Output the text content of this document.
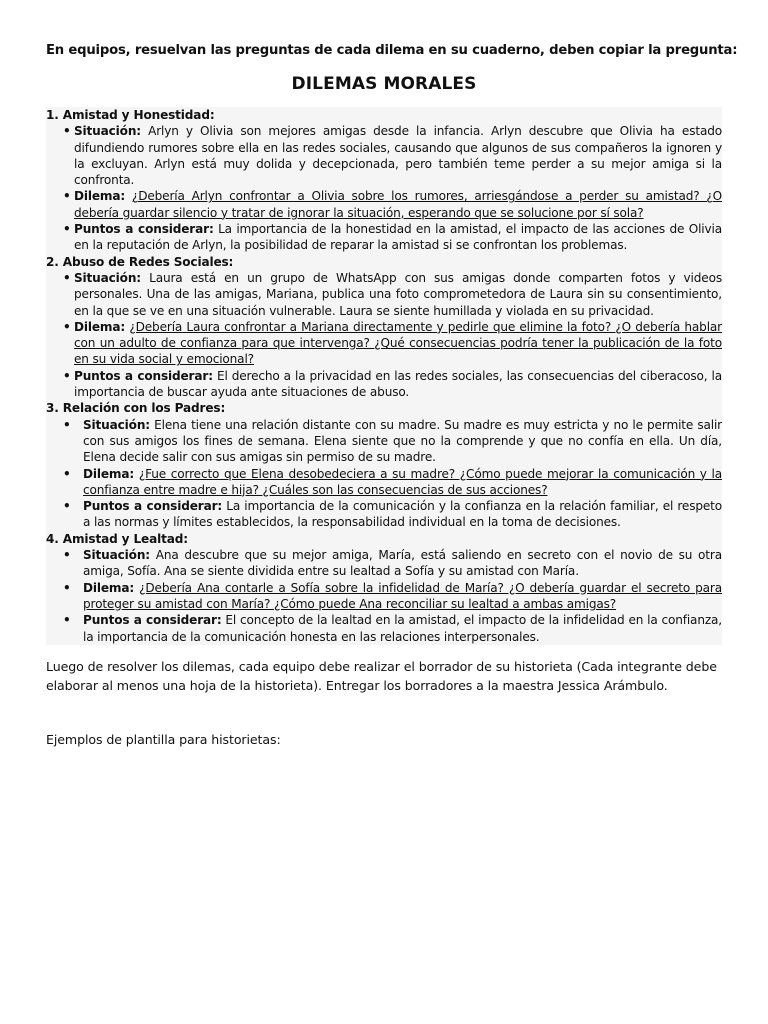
En equipos, resuelvan las preguntas de cada dilema en su cuaderno, deben copiar la pregunta:
DILEMAS MORALES
1. Amistad y Honestidad:
• Situación: Arlyn y Olivia son mejores amigas desde la infancia. Arlyn descubre que Olivia ha estado difundiendo rumores sobre ella en las redes sociales, causando que algunos de sus compañeros la ignoren y la excluyan. Arlyn está muy dolida y decepcionada, pero también teme perder a su mejor amiga si la confronta.
• Dilema: ¿Debería Arlyn confrontar a Olivia sobre los rumores, arriesgándose a perder su amistad? ¿O debería guardar silencio y tratar de ignorar la situación, esperando que se solucione por sí sola?
• Puntos a considerar: La importancia de la honestidad en la amistad, el impacto de las acciones de Olivia en la reputación de Arlyn, la posibilidad de reparar la amistad si se confrontan los problemas.
2. Abuso de Redes Sociales:
• Situación: Laura está en un grupo de WhatsApp con sus amigas donde comparten fotos y videos personales. Una de las amigas, Mariana, publica una foto comprometedora de Laura sin su consentimiento, en la que se ve en una situación vulnerable. Laura se siente humillada y violada en su privacidad.
• Dilema: ¿Debería Laura confrontar a Mariana directamente y pedirle que elimine la foto? ¿O debería hablar con un adulto de confianza para que intervenga? ¿Qué consecuencias podría tener la publicación de la foto en su vida social y emocional?
• Puntos a considerar: El derecho a la privacidad en las redes sociales, las consecuencias del ciberacoso, la importancia de buscar ayuda ante situaciones de abuso.
3. Relación con los Padres:
• Situación: Elena tiene una relación distante con su madre. Su madre es muy estricta y no le permite salir con sus amigos los fines de semana. Elena siente que no la comprende y que no confía en ella. Un día, Elena decide salir con sus amigas sin permiso de su madre.
• Dilema: ¿Fue correcto que Elena desobedeciera a su madre? ¿Cómo puede mejorar la comunicación y la confianza entre madre e hija? ¿Cuáles son las consecuencias de sus acciones?
• Puntos a considerar: La importancia de la comunicación y la confianza en la relación familiar, el respeto a las normas y límites establecidos, la responsabilidad individual en la toma de decisiones.
4. Amistad y Lealtad:
• Situación: Ana descubre que su mejor amiga, María, está saliendo en secreto con el novio de su otra amiga, Sofía. Ana se siente dividida entre su lealtad a Sofía y su amistad con María.
• Dilema: ¿Debería Ana contarle a Sofía sobre la infidelidad de María? ¿O debería guardar el secreto para proteger su amistad con María? ¿Cómo puede Ana reconciliar su lealtad a ambas amigas?
• Puntos a considerar: El concepto de la lealtad en la amistad, el impacto de la infidelidad en la confianza, la importancia de la comunicación honesta en las relaciones interpersonales.
Luego de resolver los dilemas, cada equipo debe realizar el borrador de su historieta (Cada integrante debe elaborar al menos una hoja de la historieta). Entregar los borradores a la maestra Jessica Arámbulo.
Ejemplos de plantilla para historietas:
